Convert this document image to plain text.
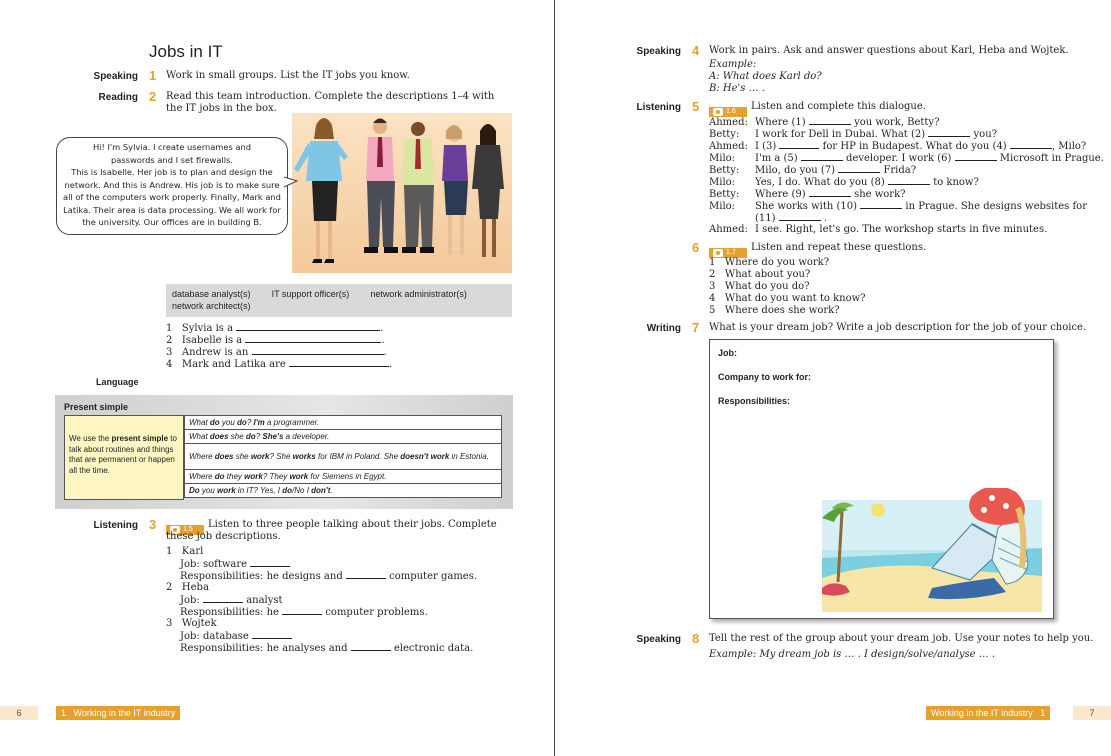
Jobs in IT
Speaking 1 Work in small groups. List the IT jobs you know.
Reading 2 Read this team introduction. Complete the descriptions 1–4 with the IT jobs in the box.
Hi! I'm Sylvia. I create usernames and
passwords and I set firewalls.
This is Isabelle. Her job is to plan and design the
network. And this is Andrew. His job is to make sure
all of the computers work properly. Finally, Mark and
Latika. Their area is data processing. We all work for
the university. Our offices are in building B.
database analyst(s) IT support officer(s) network administrator(s)
network architect(s)
1 Sylvia is a	.
2 Isabelle is a	.
3 Andrew is an	.
4 Mark and Latika are	.
Language
Present simple
We use the present simple to talk about routines and things that are permanent or happen all the time.
What do you do? I'm a programmer.
What does she do? She's a developer.
Where does she work? She works for IBM in Poland. She doesn't work in Estonia.
Where do they work? They work for Siemens in Egypt.
Do you work in IT? Yes, I do/No I don't.
Listening 3	1.5	Listen to three people talking about their jobs. Complete these job descriptions.
1 Karl
Job: software
Responsibilities: he designs and	computer games.
2 Heba
Job:	analyst
Responsibilities: he	computer problems.
3 Wojtek
Job: database
Responsibilities: he analyses and	electronic data.
6	1 Working in the IT industry
Speaking 4 Work in pairs. Ask and answer questions about Karl, Heba and Wojtek.
Example:
A: What does Karl do?
B: He's … .
Listening 5	1.6 Listen and complete this dialogue.
Ahmed: Where (1)	you work, Betty?
Betty: I work for Dell in Dubai. What (2)	you?
Ahmed: I (3)	for HP in Budapest. What do you (4)	, Milo?
Milo: I'm a (5)	developer. I work (6)	Microsoft in Prague.
Betty: Milo, do you (7)	Frida?
Milo: Yes, I do. What do you (8)	to know?
Betty: Where (9)	she work?
Milo: She works with (10)	in Prague. She designs websites for
(11)	.
Ahmed: I see. Right, let's go. The workshop starts in five minutes.
6	1.7 Listen and repeat these questions.
1 Where do you work?
2 What about you?
3 What do you do?
4 What do you want to know?
5 Where does she work?
Writing 7 What is your dream job? Write a job description for the job of your choice.
Job:
Company to work for:
Responsibilities:
Speaking 8 Tell the rest of the group about your dream job. Use your notes to help you.
Example: My dream job is … . I design/solve/analyse … .
Working in the IT industry 1	7
